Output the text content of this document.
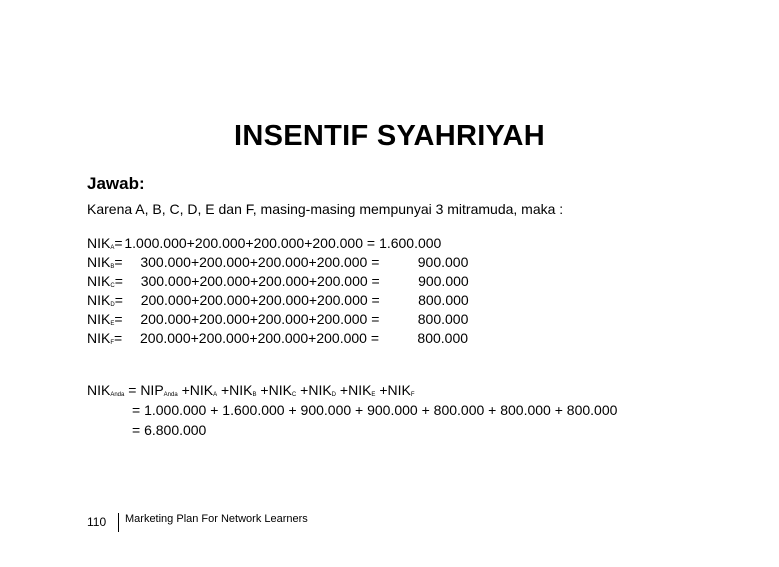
INSENTIF SYAHRIYAH
Jawab:
Karena A, B, C, D, E dan F, masing-masing mempunyai 3 mitramuda, maka :
$NIK_A= 1.000.000+200.000+200.000+200.000 = 1.600.000$
$NIK_B= 300.000+200.000+200.000+200.000$ =	900.000
$NIK_C= 300.000+200.000+200.000+200.000$ =	900.000
$NIK_D= 200.000+200.000+200.000+200.000$ =	800.000
$NIK_E= 200.000+200.000+200.000+200.000$ =	800.000
$NIK_F= 200.000+200.000+200.000+200.000$ =	800.000
$NIK_{Anda} = NIP_{Anda} +NIK_A +NIK_B +NIK_C +NIK_D +NIK_E +NIK_F$
= 1.000.000 + 1.600.000 + 900.000 + 900.000 + 800.000 + 800.000 + 800.000
= 6.800.000
110 Marketing Plan For Network Learners
